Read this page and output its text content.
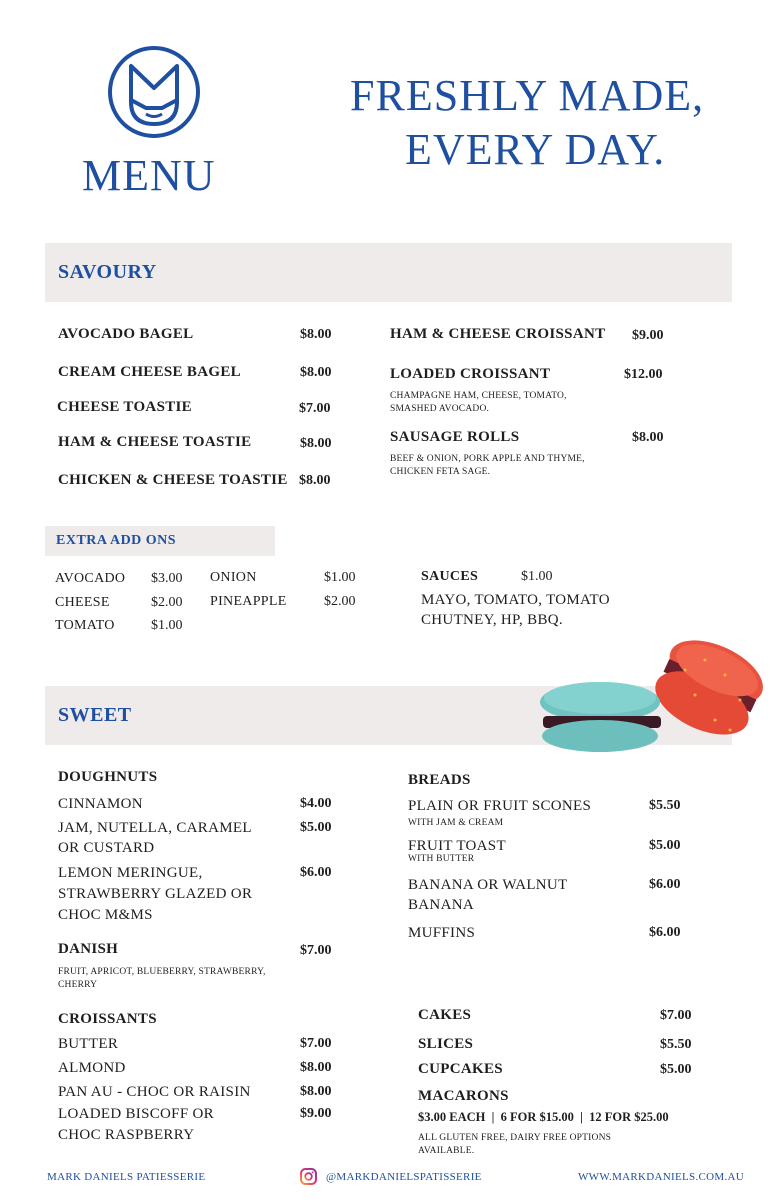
MENU
FRESHLY MADE,
EVERY DAY.
SAVOURY
AVOCADO BAGEL	$8.00
CREAM CHEESE BAGEL	$8.00
CHEESE TOASTIE	$7.00
HAM & CHEESE TOASTIE	$8.00
CHICKEN & CHEESE TOASTIE $8.00
HAM & CHEESE CROISSANT $9.00
LOADED CROISSANT	$12.00
CHAMPAGNE HAM, CHEESE, TOMATO,
SMASHED AVOCADO.
SAUSAGE ROLLS	$8.00
BEEF & ONION, PORK APPLE AND THYME,
CHICKEN FETA SAGE.
EXTRA ADD ONS
AVOCADO $3.00
CHEESE	$2.00
TOMATO	$1.00
ONION	$1.00
PINEAPPLE	$2.00
SAUCES	$1.00
MAYO, TOMATO, TOMATO
CHUTNEY, HP, BBQ.
SWEET
DOUGHNUTS
CINNAMON	$4.00
JAM, NUTELLA, CARAMEL
OR CUSTARD
$5.00
LEMON MERINGUE,
STRAWBERRY GLAZED OR
CHOC M&MS
$6.00
DANISH	$7.00
FRUIT, APRICOT, BLUEBERRY, STRAWBERRY,
CHERRY
CROISSANTS
BUTTER	$7.00
ALMOND	$8.00
PAN AU - CHOC OR RAISIN	$8.00
LOADED BISCOFF OR
CHOC RASPBERRY
$9.00
BREADS
PLAIN OR FRUIT SCONES
WITH JAM & CREAM
$5.50
FRUIT TOAST
WITH BUTTER
$5.00
BANANA OR WALNUT
BANANA
$6.00
MUFFINS	$6.00
CAKES	$7.00
SLICES	$5.50
CUPCAKES	$5.00
MACARONS
$3.00 EACH  |  6 FOR $15.00  |  12 FOR $25.00
ALL GLUTEN FREE, DAIRY FREE OPTIONS
AVAILABLE.
MARK DANIELS PATIESSERIE	@MARKDANIELSPATISSERIE	WWW.MARKDANIELS.COM.AU
